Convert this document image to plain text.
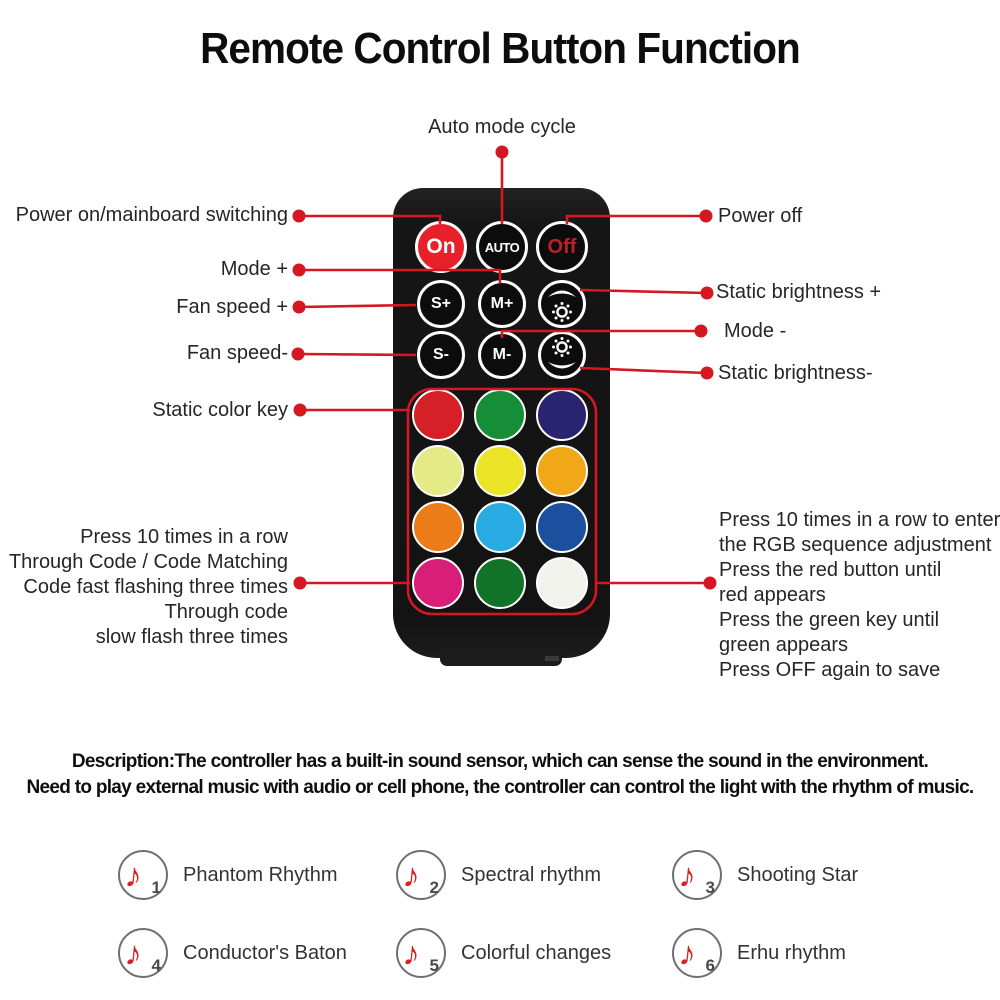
Remote Control Button Function
Auto mode cycle
Power on/mainboard switching
Mode +
Fan speed +
Fan speed-
Static color key
Power off
Static brightness +
Mode -
Static brightness-
Press 10 times in a row
Through Code / Code Matching
Code fast flashing three times
Through code
slow flash three times
Press 10 times in a row to enter
the RGB sequence adjustment
Press the red button until
red appears
Press the green key until
green appears
Press OFF again to save
On	AUTO	Off
S+	M+
S-	M-
Description:The controller has a built-in sound sensor, which can sense the sound in the environment.
Need to play external music with audio or cell phone, the controller can control the light with the rhythm of music.
♪ 1
Phantom Rhythm ♪ 2
Spectral rhythm ♪ 3
Shooting Star
♪ 4
Conductor's Baton ♪ 5
Colorful changes ♪ 6
Erhu rhythm
